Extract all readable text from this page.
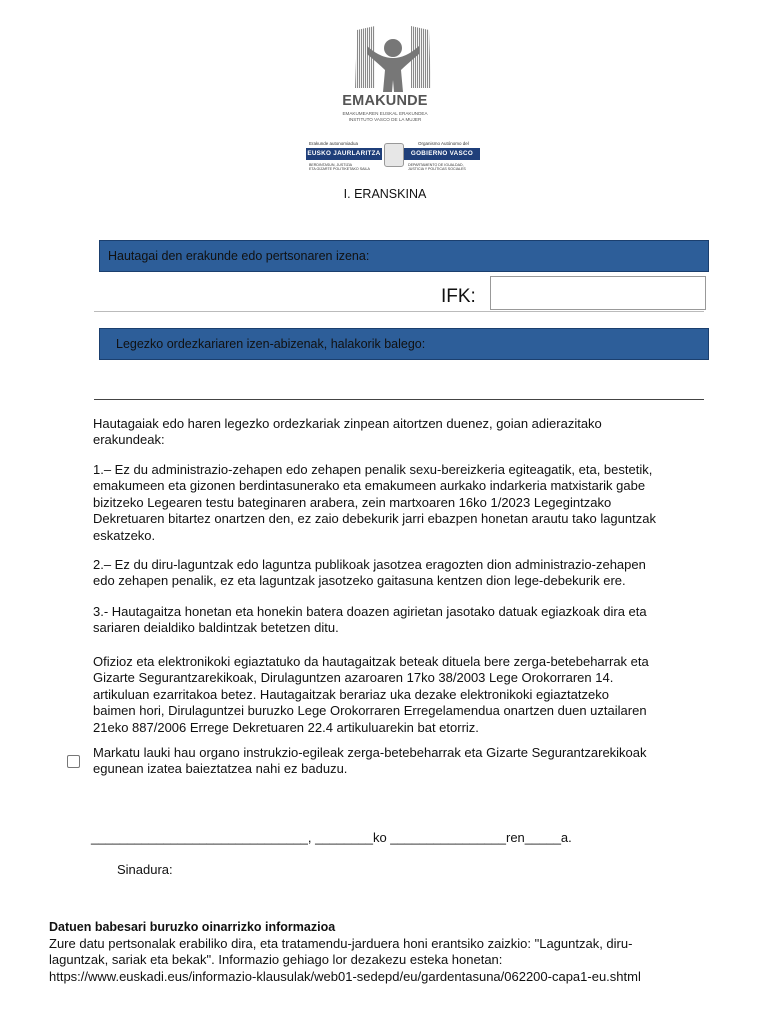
EMAKUNDE
EMAKUMEAREN EUSKAL ERAKUNDEA
INSTITUTO VASCO DE LA MUJER
Erakunde autonomiadua	Organismo Autónomo del
EUSKO JAURLARITZA	GOBIERNO VASCO
BERDINTASUN, JUSTIZIA
ETA GIZARTE POLITIKETAKO SAILA
DEPARTAMENTO DE IGUALDAD,
JUSTICIA Y POLÍTICAS SOCIALES
I. ERANSKINA
Hautagai den erakunde edo pertsonaren izena:
IFK:
Legezko ordezkariaren izen-abizenak, halakorik balego:
Hautagaiak edo haren legezko ordezkariak zinpean aitortzen duenez, goian adierazitako
erakundeak:
1.– Ez du administrazio-zehapen edo zehapen penalik sexu-bereizkeria egiteagatik, eta, bestetik,
emakumeen eta gizonen berdintasunerako eta emakumeen aurkako indarkeria matxistarik gabe
bizitzeko Legearen testu bateginaren arabera, zein martxoaren 16ko 1/2023 Legegintzako
Dekretuaren bitartez onartzen den, ez zaio debekurik jarri ebazpen honetan arautu tako laguntzak
eskatzeko.
2.– Ez du diru-laguntzak edo laguntza publikoak jasotzea eragozten dion administrazio-zehapen
edo zehapen penalik, ez eta laguntzak jasotzeko gaitasuna kentzen dion lege-debekurik ere.
3.- Hautagaitza honetan eta honekin batera doazen agirietan jasotako datuak egiazkoak dira eta
sariaren deialdiko baldintzak betetzen ditu.
Ofizioz eta elektronikoki egiaztatuko da hautagaitzak beteak dituela bere zerga-betebeharrak eta
Gizarte Segurantzarekikoak, Dirulaguntzen azaroaren 17ko 38/2003 Lege Orokorraren 14.
artikuluan ezarritakoa betez. Hautagaitzak berariaz uka dezake elektronikoki egiaztatzeko
baimen hori, Dirulaguntzei buruzko Lege Orokorraren Erregelamendua onartzen duen uztailaren
21eko 887/2006 Errege Dekretuaren 22.4 artikuluarekin bat etorriz.
Markatu lauki hau organo instrukzio-egileak zerga-betebeharrak eta Gizarte Segurantzarekikoak
egunean izatea baieztatzea nahi ez baduzu.
______________________________, ________ko ________________ren_____a.
Sinadura:
Datuen babesari buruzko oinarrizko informazioa
Zure datu pertsonalak erabiliko dira, eta tratamendu-jarduera honi erantsiko zaizkio: "Laguntzak, diru-
laguntzak, sariak eta bekak". Informazio gehiago lor dezakezu esteka honetan:
https://www.euskadi.eus/informazio-klausulak/web01-sedepd/eu/gardentasuna/062200-capa1-eu.shtml
